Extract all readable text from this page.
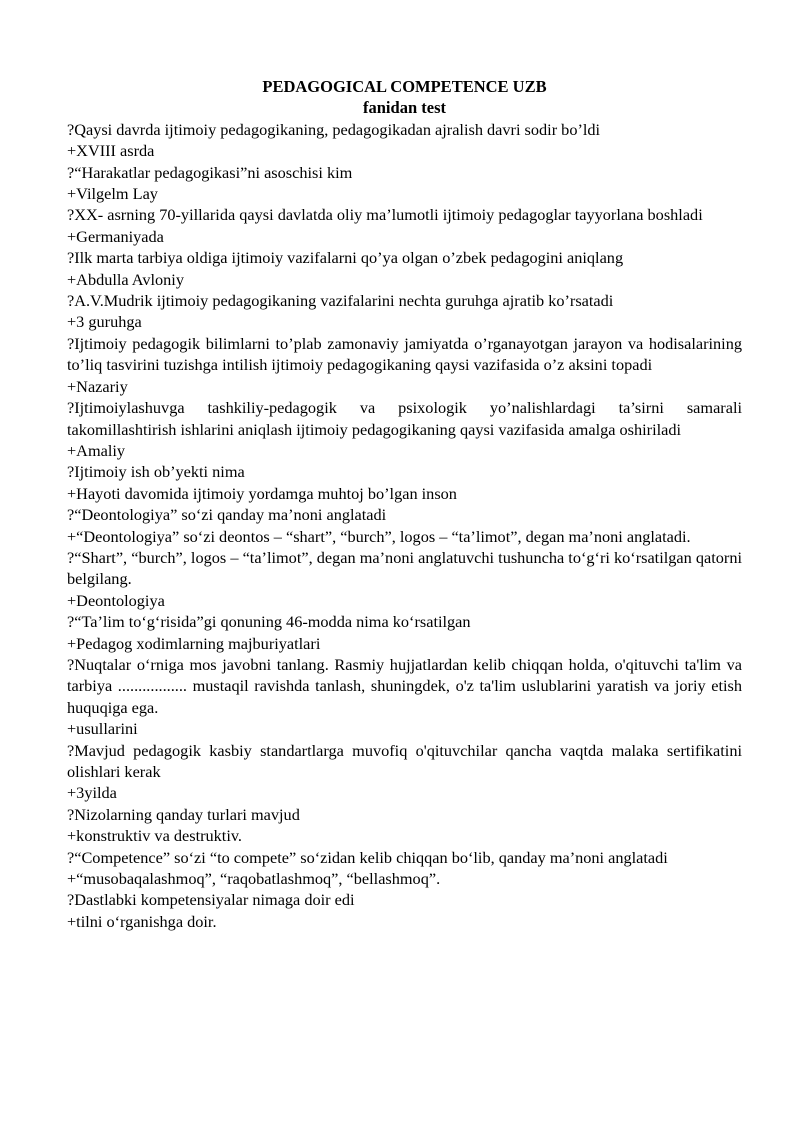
PEDAGOGICAL COMPETENCE UZB

fanidan test

?Qaysi davrda ijtimoiy pedagogikaning, pedagogikadan ajralish davri sodir bo’ldi

+XVIII asrda

?“Harakatlar pedagogikasi”ni asoschisi kim

+Vilgelm Lay

?XX- asrning 70-yillarida qaysi davlatda oliy ma’lumotli ijtimoiy pedagoglar tayyorlana boshladi

+Germaniyada

?Ilk marta tarbiya oldiga ijtimoiy vazifalarni qo’ya olgan o’zbek pedagogini aniqlang

+Abdulla Avloniy

?A.V.Mudrik ijtimoiy pedagogikaning vazifalarini nechta guruhga ajratib ko’rsatadi

+3 guruhga

?Ijtimoiy pedagogik bilimlarni to’plab zamonaviy jamiyatda o’rganayotgan jarayon va hodisalarining to’liq tasvirini tuzishga intilish ijtimoiy pedagogikaning qaysi vazifasida o’z aksini topadi

+Nazariy

?Ijtimoiylashuvga tashkiliy-pedagogik va psixologik yo’nalishlardagi ta’sirni samarali takomillashtirish ishlarini aniqlash ijtimoiy pedagogikaning qaysi vazifasida amalga oshiriladi

+Amaliy

?Ijtimoiy ish ob’yekti nima

+Hayoti davomida ijtimoiy yordamga muhtoj bo’lgan inson

?“Deontologiya” so‘zi qanday ma’noni anglatadi

+“Deontologiya” so‘zi deontos – “shart”, “burch”, logos – “ta’limot”, degan ma’noni anglatadi.

?“Shart”, “burch”, logos – “ta’limot”, degan ma’noni anglatuvchi tushuncha to‘g‘ri ko‘rsatilgan qatorni belgilang.

+Deontologiya

?“Ta’lim to‘g‘risida”gi qonuning 46-modda nima ko‘rsatilgan

+Pedagog xodimlarning majburiyatlari

?Nuqtalar o‘rniga mos javobni tanlang. Rasmiy hujjatlardan kelib chiqqan holda, o'qituvchi ta'lim va tarbiya ................. mustaqil ravishda tanlash, shuningdek, o'z ta'lim uslublarini yaratish va joriy etish huquqiga ega.

+usullarini

?Mavjud pedagogik kasbiy standartlarga muvofiq o'qituvchilar qancha vaqtda malaka sertifikatini olishlari kerak

+3yilda

?Nizolarning qanday turlari mavjud

+konstruktiv va destruktiv.

?“Competence” so‘zi “to compete” so‘zidan kelib chiqqan bo‘lib, qanday ma’noni anglatadi

+“musobaqalashmoq”, “raqobatlashmoq”, “bellashmoq”.

?Dastlabki kompetensiyalar nimaga doir edi

+tilni o‘rganishga doir.
